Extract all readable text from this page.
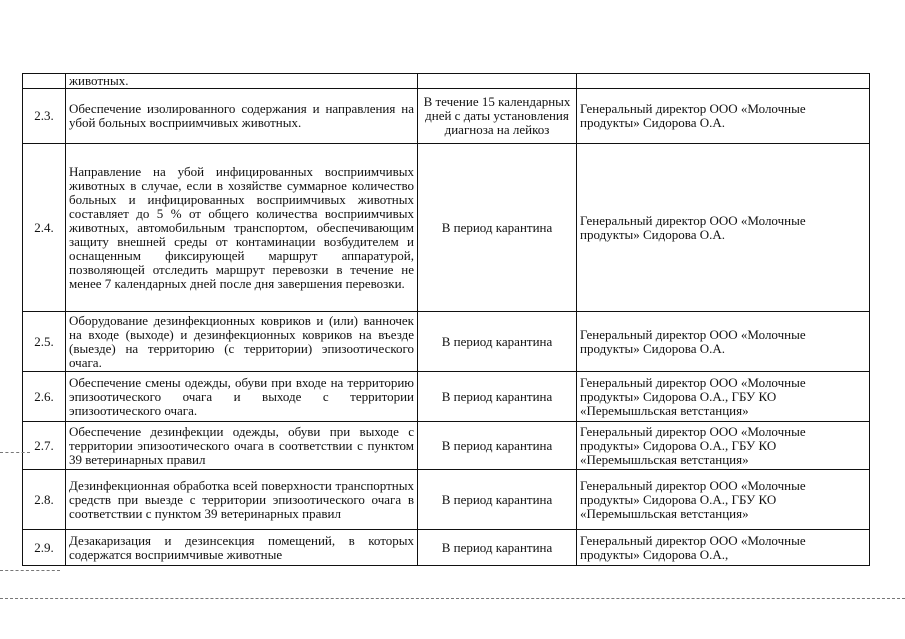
	животных.		
2.3.	Обеспечение изолированного содержания и направления на убой больных восприимчивых животных.	В течение 15 календарных дней с даты установления диагноза на лейкоз	Генеральный директор ООО «Молочные продукты» Сидорова О.А.
2.4.	Направление на убой инфицированных восприимчивых животных в случае, если в хозяйстве суммарное количество больных и инфицированных восприимчивых животных составляет до 5 % от общего количества восприимчивых животных, автомобильным транспортом, обеспечивающим защиту внешней среды от контаминации возбудителем и оснащенным фиксирующей маршрут аппаратурой, позволяющей отследить маршрут перевозки в течение не менее 7 календарных дней после дня завершения перевозки.	В период карантина	Генеральный директор ООО «Молочные продукты» Сидорова О.А.
2.5.	Оборудование дезинфекционных ковриков и (или) ванночек на входе (выходе) и дезинфекционных ковриков на въезде (выезде) на территорию (с территории) эпизоотического очага.	В период карантина	Генеральный директор ООО «Молочные продукты» Сидорова О.А.
2.6.	Обеспечение смены одежды, обуви при входе на территорию эпизоотического очага и выходе с территории эпизоотического очага.	В период карантина	Генеральный директор ООО «Молочные продукты» Сидорова О.А., ГБУ КО «Перемышльская ветстанция»
2.7.	Обеспечение дезинфекции одежды, обуви при выходе с территории эпизоотического очага в соответствии с пунктом 39 ветеринарных правил	В период карантина	Генеральный директор ООО «Молочные продукты» Сидорова О.А., ГБУ КО «Перемышльская ветстанция»
2.8.	Дезинфекционная обработка всей поверхности транспортных средств при выезде с территории эпизоотического очага в соответствии с пунктом 39 ветеринарных правил	В период карантина	Генеральный директор ООО «Молочные продукты» Сидорова О.А., ГБУ КО «Перемышльская ветстанция»
2.9.	Дезакаризация и дезинсекция помещений, в которых содержатся восприимчивые животные	В период карантина	Генеральный директор ООО «Молочные продукты» Сидорова О.А.,
